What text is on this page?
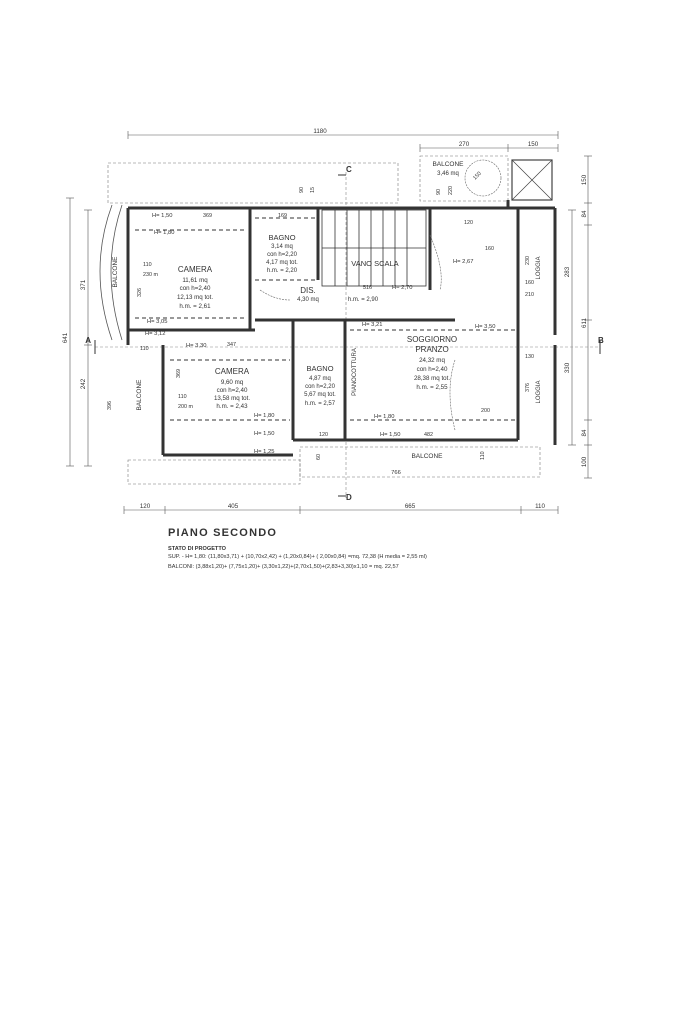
1180
270	150
120	405	665	110
641
371
242
150
84
283
611
330
84
100
A	B
C
D
CAMERA
11,61 mq
con h=2,40
12,13 mq tot.
h.m. = 2,61
BAGNO
3,14 mq
con h=2,20
4,17 mq tot.
h.m. = 2,20
VANO SCALA
h.m. = 2,90
DIS.
4,30 mq
CAMERA
9,60 mq
con h=2,40
13,58 mq tot.
h.m. = 2,43
BAGNO
4,87 mq
con h=2,20
5,67 mq tot.
h.m. = 2,57
SOGGIORNO
PRANZO
24,32 mq
con h=2,40
28,38 mq tot.
h.m. = 2,55
BALCONE
3,46 mq
BALCONE
BALCONE
BALCONE
766
LOGGIA
LOGGIA
PIANOCOTTURA
H= 1,50
H= 1,80
H= 3,05
H= 3,12
H= 3,30
H= 1,80
H= 1,50
H= 1,25
H= 2,70
H= 3,21	H= 3,50
H= 2,67
H= 1,80
H= 1,50
369	169
110
230 m
326
110
347
369
110
200 m
396
516
120
160
200
482
90 15	90 220
120
60	110
230
160
210
130
376
150
PIANO SECONDO
STATO DI PROGETTO
SUP. - H= 1,80: (11,80x3,71) + (10,70x2,42) + (1,20x0,84)+ ( 2,00x0,84) =mq. 72,38 (H media = 2,55 ml)
BALCONI: (3,88x1,20)+ (7,75x1,20)+ (3,30x1,22)+(2,70x1,50)+(2,83+3,30)x1,10 = mq. 22,57
